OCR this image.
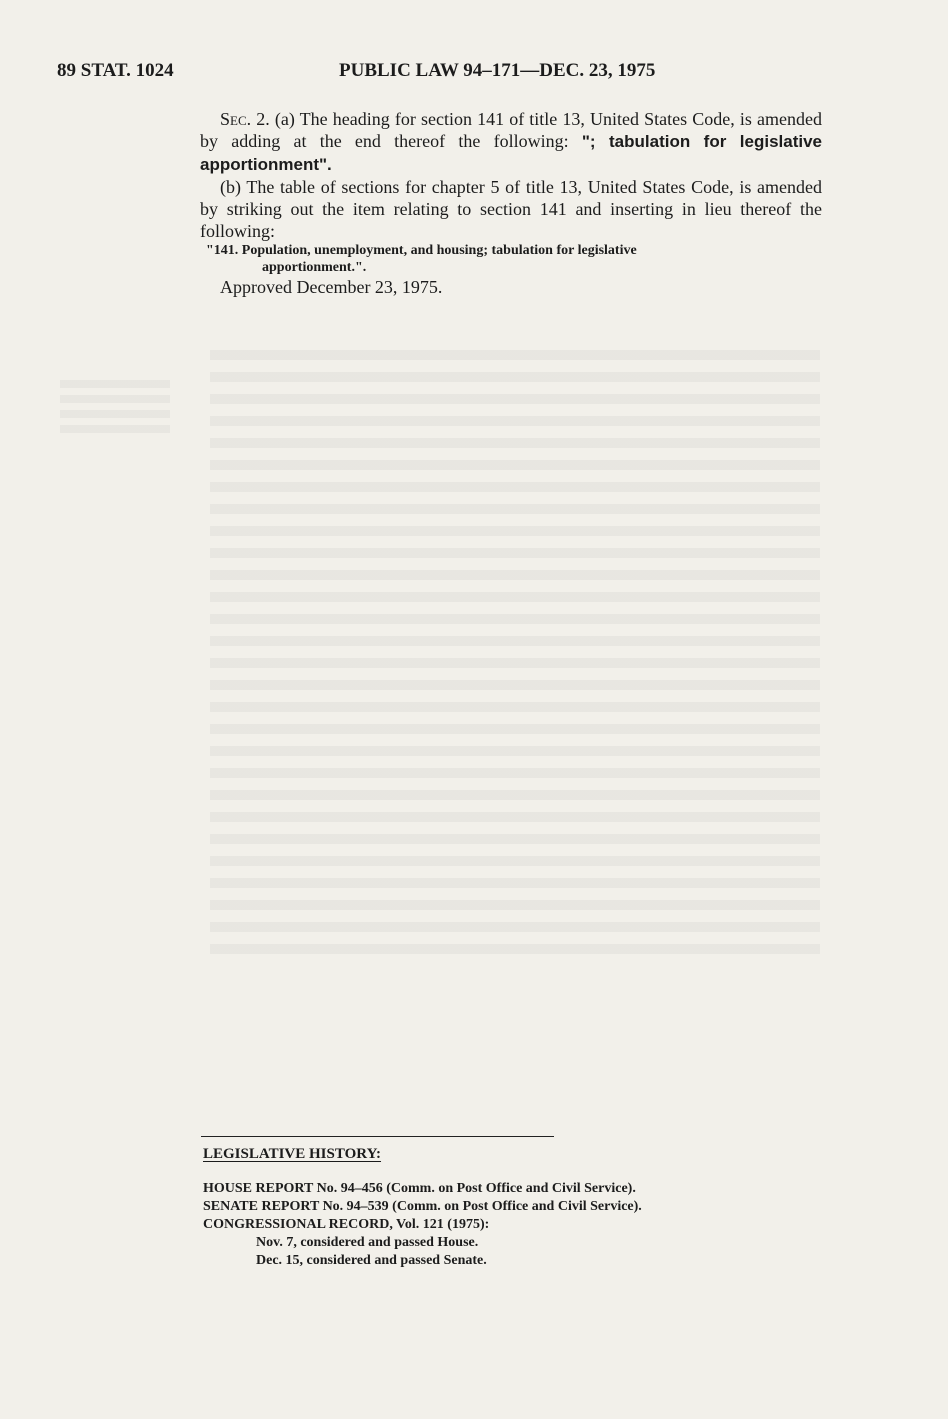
89 STAT. 1024	PUBLIC LAW 94–171—DEC. 23, 1975

Sec. 2. (a) The heading for section 141 of title 13, United States Code, is amended by adding at the end thereof the following: "; tabulation for legislative apportionment".

(b) The table of sections for chapter 5 of title 13, United States Code, is amended by striking out the item relating to section 141 and inserting in lieu thereof the following:

"141. Population, unemployment, and housing; tabulation for legislative
apportionment.".

Approved December 23, 1975.

LEGISLATIVE HISTORY:
HOUSE REPORT No. 94–456 (Comm. on Post Office and Civil Service).
SENATE REPORT No. 94–539 (Comm. on Post Office and Civil Service).
CONGRESSIONAL RECORD, Vol. 121 (1975):
Nov. 7, considered and passed House.
Dec. 15, considered and passed Senate.
